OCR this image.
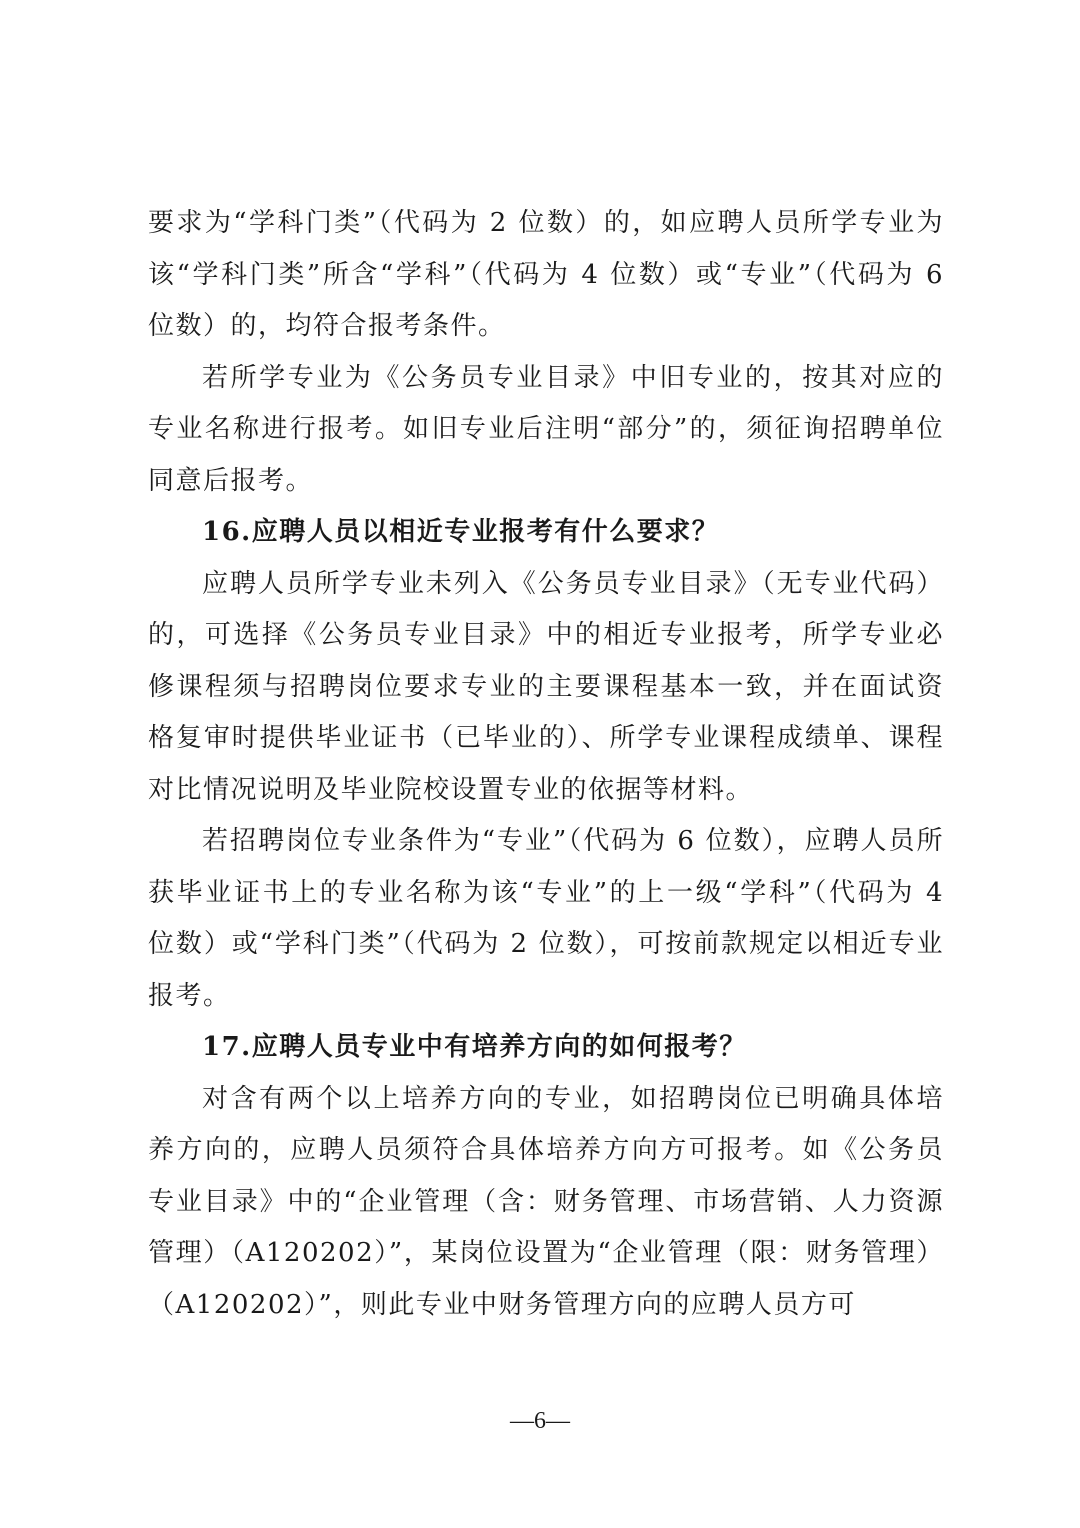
要求为“学科门类”（代码为 2 位数）的，如应聘人员所学专业为该“学科门类”所含“学科”（代码为 4 位数）或“专业”（代码为 6 位数）的，均符合报考条件。

若所学专业为《公务员专业目录》中旧专业的，按其对应的专业名称进行报考。如旧专业后注明“部分”的，须征询招聘单位同意后报考。

16.应聘人员以相近专业报考有什么要求？

应聘人员所学专业未列入《公务员专业目录》（无专业代码）的，可选择《公务员专业目录》中的相近专业报考，所学专业必修课程须与招聘岗位要求专业的主要课程基本一致，并在面试资格复审时提供毕业证书（已毕业的）、所学专业课程成绩单、课程对比情况说明及毕业院校设置专业的依据等材料。

若招聘岗位专业条件为“专业”（代码为 6 位数），应聘人员所获毕业证书上的专业名称为该“专业”的上一级“学科”（代码为 4 位数）或“学科门类”（代码为 2 位数），可按前款规定以相近专业报考。

17.应聘人员专业中有培养方向的如何报考？

对含有两个以上培养方向的专业，如招聘岗位已明确具体培养方向的，应聘人员须符合具体培养方向方可报考。如《公务员专业目录》中的“企业管理（含：财务管理、市场营销、人力资源管理）（A120202）”，某岗位设置为“企业管理（限：财务管理）（A120202）”，则此专业中财务管理方向的应聘人员方可

—6—
